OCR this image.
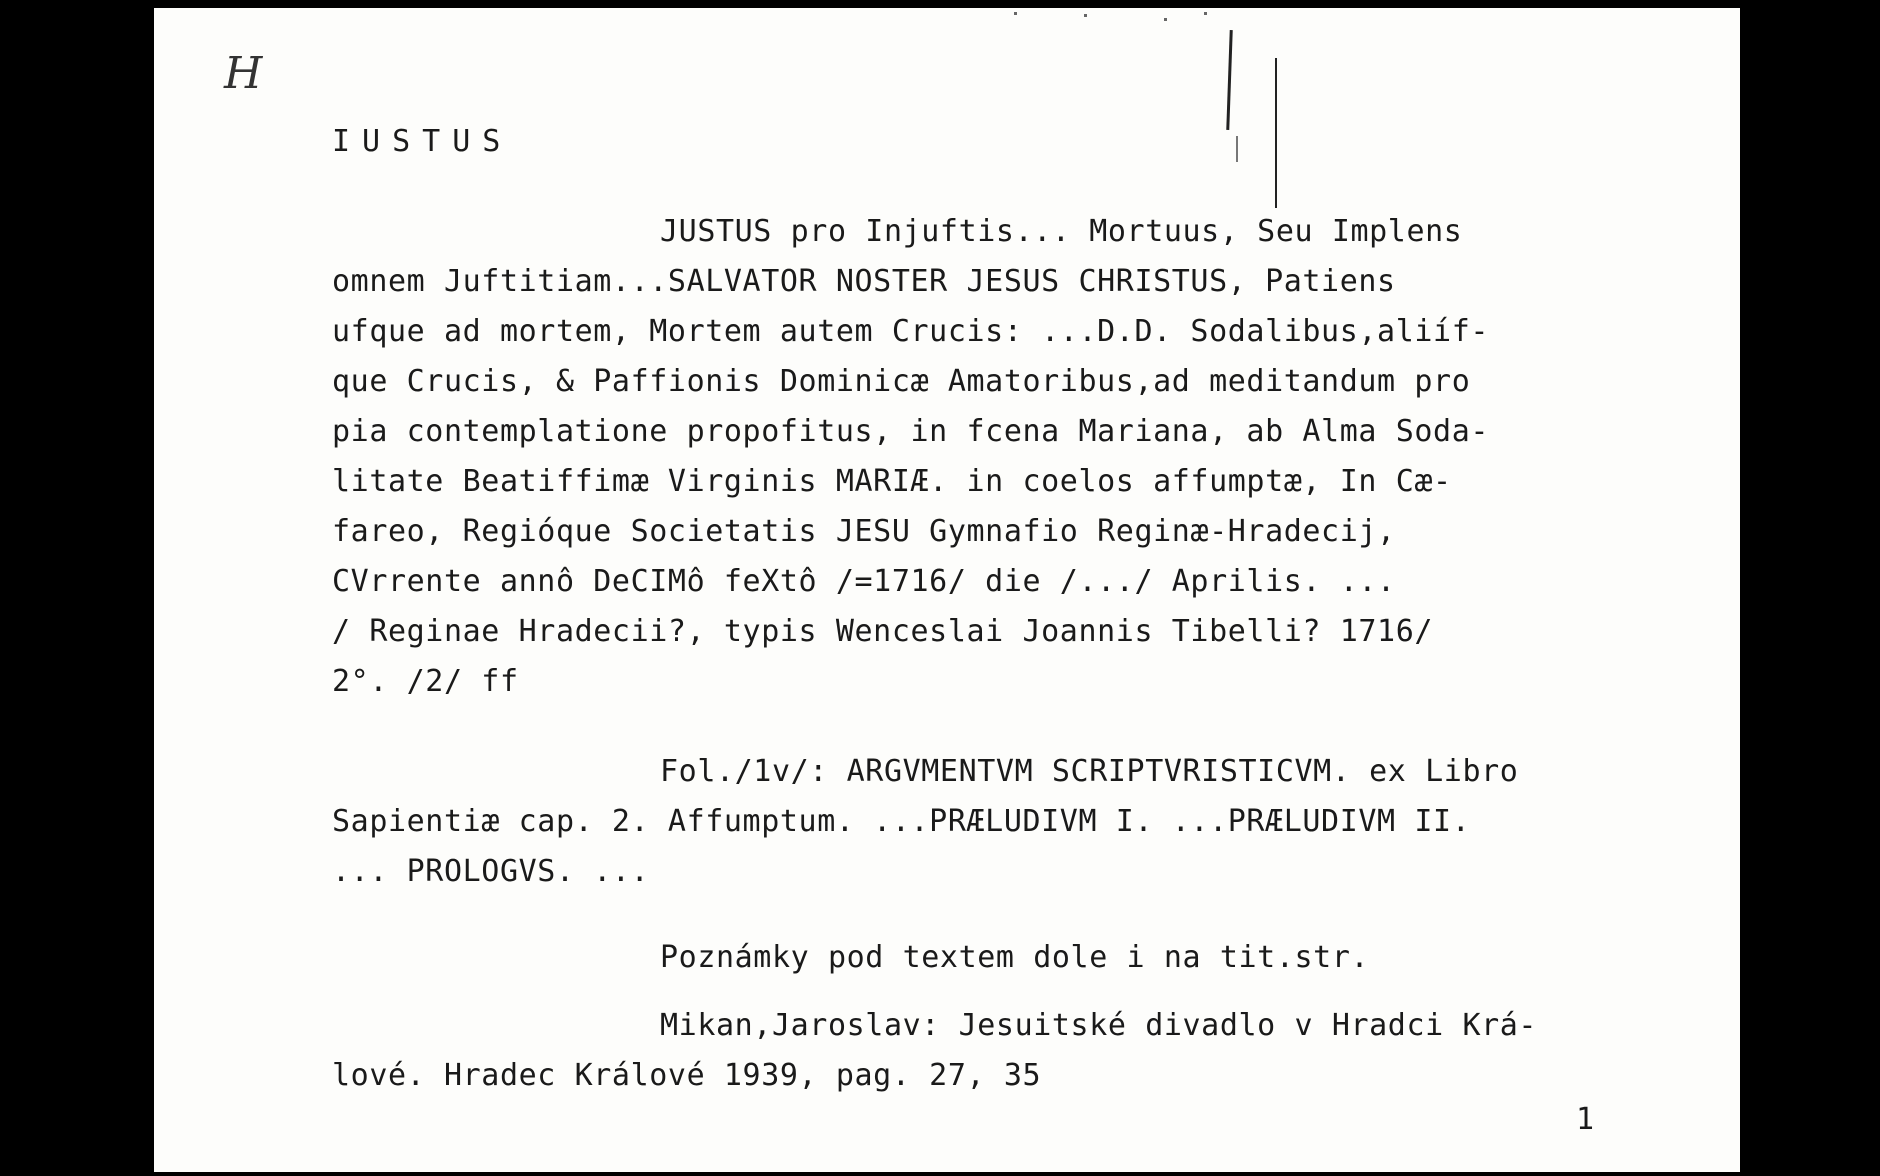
H
IUSTUS
JUSTUS pro Injuftis... Mortuus, Seu Implens
omnem Juftitiam...SALVATOR NOSTER JESUS CHRISTUS, Patiens
ufque ad mortem, Mortem autem Crucis: ...D.D. Sodalibus,aliíf-
que Crucis, & Paffionis Dominicæ Amatoribus,ad meditandum pro
pia contemplatione propofitus, in fcena Mariana, ab Alma Soda-
litate Beatiffimæ Virginis MARIÆ. in coelos affumptæ, In Cæ-
fareo, Regióque Societatis JESU Gymnafio Reginæ-Hradecij,
CVrrente annô DeCIMô feXtô /=1716/ die /.../ Aprilis. ...
/ Reginae Hradecii?, typis Wenceslai Joannis Tibelli? 1716/
2°. /2/ ff
Fol./1v/: ARGVMENTVM SCRIPTVRISTICVM. ex Libro
Sapientiæ cap. 2. Affumptum. ...PRÆLUDIVM I. ...PRÆLUDIVM II.
... PROLOGVS. ...
Poznámky pod textem dole i na tit.str.
Mikan,Jaroslav: Jesuitské divadlo v Hradci Krá-
lové. Hradec Králové 1939, pag. 27, 35
1
